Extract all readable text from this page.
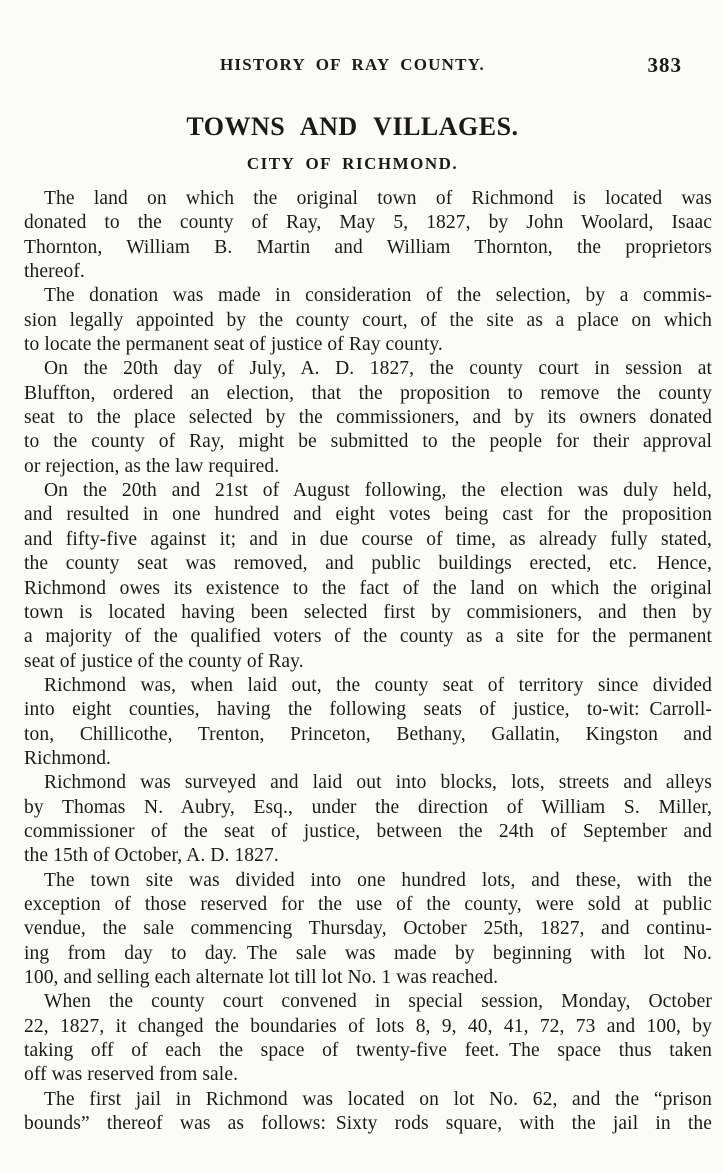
HISTORY OF RAY COUNTY.	383
TOWNS AND VILLAGES.
CITY OF RICHMOND.
The land on which the original town of Richmond is located was
donated to the county of Ray, May 5, 1827, by John Woolard, Isaac
Thornton, William B. Martin and William Thornton, the proprietors
thereof.
The donation was made in consideration of the selection, by a commis-
sion legally appointed by the county court, of the site as a place on which
to locate the permanent seat of justice of Ray county.
On the 20th day of July, A. D. 1827, the county court in session at
Bluffton, ordered an election, that the proposition to remove the county
seat to the place selected by the commissioners, and by its owners donated
to the county of Ray, might be submitted to the people for their approval
or rejection, as the law required.
On the 20th and 21st of August following, the election was duly held,
and resulted in one hundred and eight votes being cast for the proposition
and fifty-five against it; and in due course of time, as already fully stated,
the county seat was removed, and public buildings erected, etc. Hence,
Richmond owes its existence to the fact of the land on which the original
town is located having been selected first by commisioners, and then by
a majority of the qualified voters of the county as a site for the permanent
seat of justice of the county of Ray.
Richmond was, when laid out, the county seat of territory since divided
into eight counties, having the following seats of justice, to-wit: Carroll-
ton, Chillicothe, Trenton, Princeton, Bethany, Gallatin, Kingston and
Richmond.
Richmond was surveyed and laid out into blocks, lots, streets and alleys
by Thomas N. Aubry, Esq., under the direction of William S. Miller,
commissioner of the seat of justice, between the 24th of September and
the 15th of October, A. D. 1827.
The town site was divided into one hundred lots, and these, with the
exception of those reserved for the use of the county, were sold at public
vendue, the sale commencing Thursday, October 25th, 1827, and continu-
ing from day to day. The sale was made by beginning with lot No.
100, and selling each alternate lot till lot No. 1 was reached.
When the county court convened in special session, Monday, October
22, 1827, it changed the boundaries of lots 8, 9, 40, 41, 72, 73 and 100, by
taking off of each the space of twenty-five feet. The space thus taken
off was reserved from sale.
The first jail in Richmond was located on lot No. 62, and the “prison
bounds” thereof was as follows: Sixty rods square, with the jail in the
